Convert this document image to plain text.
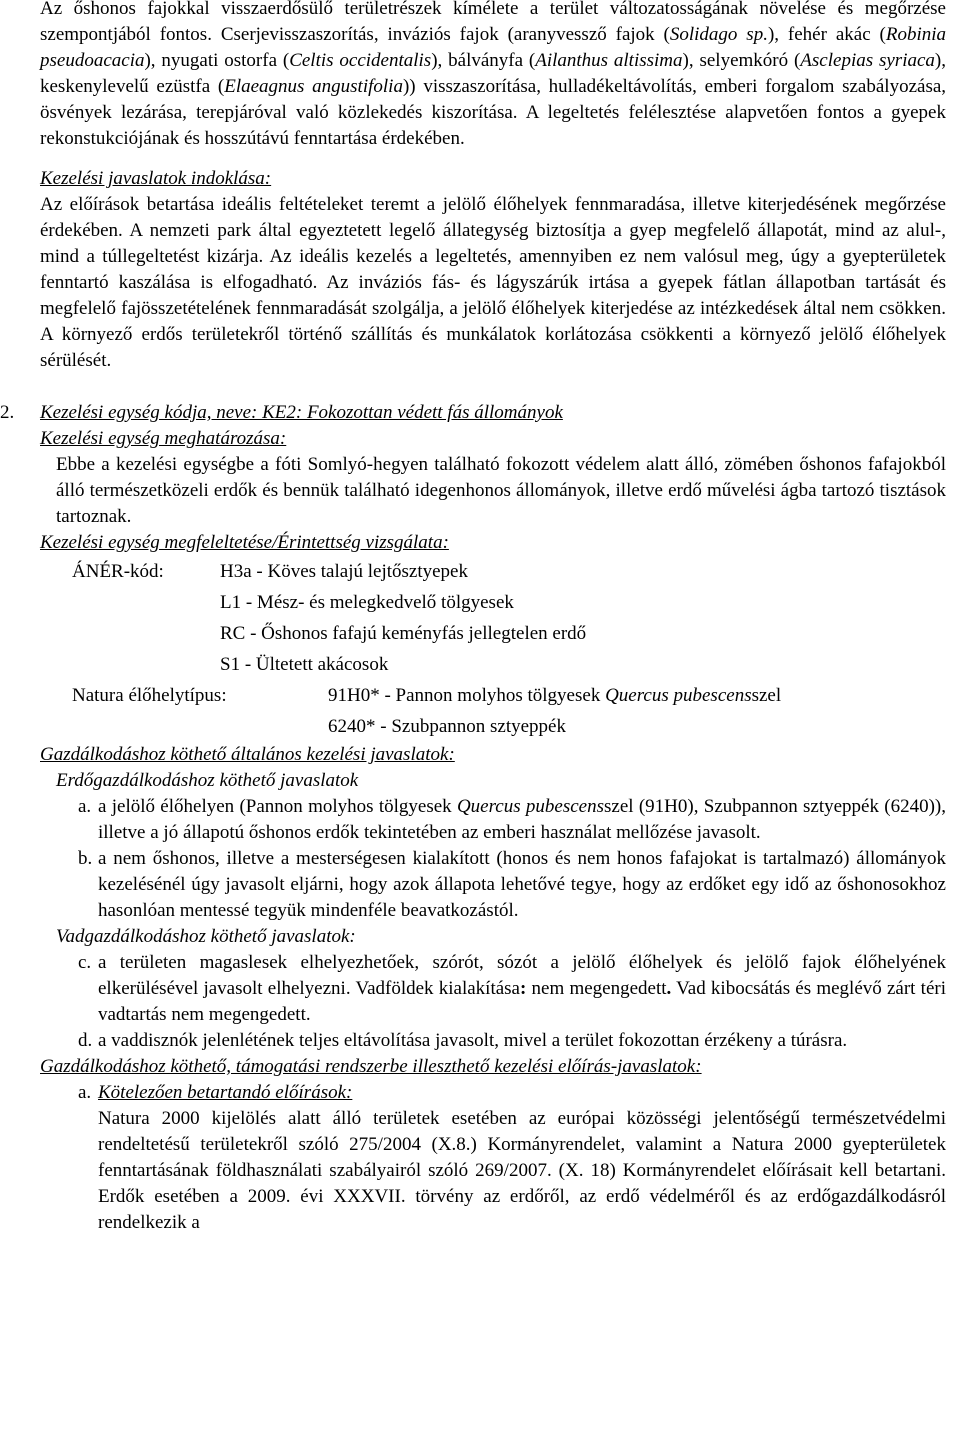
Az őshonos fajokkal visszaerdősülő területrészek kímélete a terület változatosságának növelése és megőrzése szempontjából fontos. Cserjevisszaszorítás, inváziós fajok (aranyvessző fajok (Solidago sp.), fehér akác (Robinia pseudoacacia), nyugati ostorfa (Celtis occidentalis), bálványfa (Ailanthus altissima), selyemkóró (Asclepias syriaca), keskenylevelű ezüstfa (Elaeagnus angustifolia)) visszaszorítása, hulladékeltávolítás, emberi forgalom szabályozása, ösvények lezárása, terepjáróval való közlekedés kiszorítása. A legeltetés felélesztése alapvetően fontos a gyepek rekonstukciójának és hosszútávú fenntartása érdekében.

Kezelési javaslatok indoklása:

Az előírások betartása ideális feltételeket teremt a jelölő élőhelyek fennmaradása, illetve kiterjedésének megőrzése érdekében. A nemzeti park által egyeztetett legelő állategység biztosítja a gyep megfelelő állapotát, mind az alul-, mind a túllegeltetést kizárja. Az ideális kezelés a legeltetés, amennyiben ez nem valósul meg, úgy a gyepterületek fenntartó kaszálása is elfogadható. Az inváziós fás- és lágyszárúk irtása a gyepek fátlan állapotban tartását és megfelelő fajösszetételének fennmaradását szolgálja, a jelölő élőhelyek kiterjedése az intézkedések által nem csökken. A környező erdős területekről történő szállítás és munkálatok korlátozása csökkenti a környező jelölő élőhelyek sérülését.

2.	Kezelési egység kódja, neve: KE2: Fokozottan védett fás állományok

Kezelési egység meghatározása:

Ebbe a kezelési egységbe a fóti Somlyó-hegyen található fokozott védelem alatt álló, zömében őshonos fafajokból álló természetközeli erdők és bennük található idegenhonos állományok, illetve erdő művelési ágba tartozó tisztások tartoznak.

Kezelési egység megfeleltetése/Érintettség vizsgálata:

ÁNÉR-kód:	H3a - Köves talajú lejtősztyepek
L1 - Mész- és melegkedvelő tölgyesek
RC - Őshonos fafajú keményfás jellegtelen erdő
S1 - Ültetett akácosok
Natura élőhelytípus:	91H0* - Pannon molyhos tölgyesek Quercus pubescensszel
6240* - Szubpannon sztyeppék

Gazdálkodáshoz köthető általános kezelési javaslatok:

Erdőgazdálkodáshoz köthető javaslatok

a. a jelölő élőhelyen (Pannon molyhos tölgyesek Quercus pubescensszel (91H0), Szubpannon sztyeppék (6240)), illetve a jó állapotú őshonos erdők tekintetében az emberi használat mellőzése javasolt.
b. a nem őshonos, illetve a mesterségesen kialakított (honos és nem honos fafajokat is tartalmazó) állományok kezelésénél úgy javasolt eljárni, hogy azok állapota lehetővé tegye, hogy az erdőket egy idő az őshonosokhoz hasonlóan mentessé tegyük mindenféle beavatkozástól.

Vadgazdálkodáshoz köthető javaslatok:

c. a területen magaslesek elhelyezhetőek, szórót, sózót a jelölő élőhelyek és jelölő fajok élőhelyének elkerülésével javasolt elhelyezni. Vadföldek kialakítása: nem megengedett. Vad kibocsátás és meglévő zárt téri vadtartás nem megengedett.
d. a vaddisznók jelenlétének teljes eltávolítása javasolt, mivel a terület fokozottan érzékeny a túrásra.

Gazdálkodáshoz köthető, támogatási rendszerbe illeszthető kezelési előírás-javaslatok:

a. Kötelezően betartandó előírások:
Natura 2000 kijelölés alatt álló területek esetében az európai közösségi jelentőségű természetvédelmi rendeltetésű területekről szóló 275/2004 (X.8.) Kormányrendelet, valamint a Natura 2000 gyepterületek fenntartásának földhasználati szabályairól szóló 269/2007. (X. 18) Kormányrendelet előírásait kell betartani. Erdők esetében a 2009. évi XXXVII. törvény az erdőről, az erdő védelméről és az erdőgazdálkodásról rendelkezik a
